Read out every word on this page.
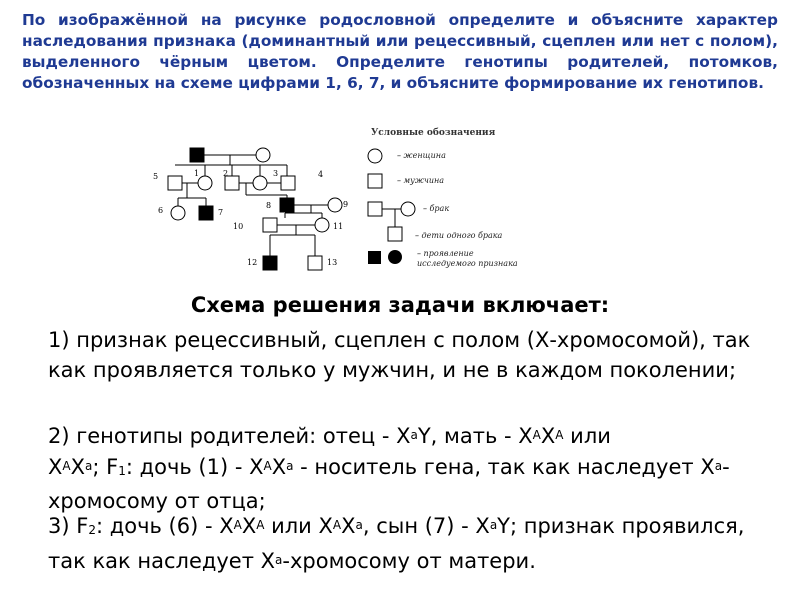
По изображённой на рисунке родословной определите и объясните характер наследования признака (доминантный или рецессивный, сцеплен или нет с полом), выделенного чёрным цветом. Определите генотипы родителей, потомков, обозначенных на схеме цифрами 1, 6, 7, и объясните формирование их генотипов.

5	1	2	3	4
6	7
8	9
10	11
12	13
Условные обозначения
– женщина
– мужчина
– брак
– дети одного брака
– проявление
исследуемого признака

Схема решения задачи включает:

1) признак рецессивный, сцеплен с полом (Х-хромосомой), так как проявляется только у мужчин, и не в каждом поколении;

2) генотипы родителей: отец - $Х^аY$, мать - $Х^АХ^А$ или
$Х^АХ^а$; F1: дочь $(1) - Х^АХ^а$ - носитель гена, так как наследует $Х^а$-хромосому от отца;

3) F2: дочь $(6) - Х^АХ^А$ или $Х^АХ^а$, сын $(7) - Х^аY$; признак проявился, так как наследует $Х^а$-хромосому от матери.
